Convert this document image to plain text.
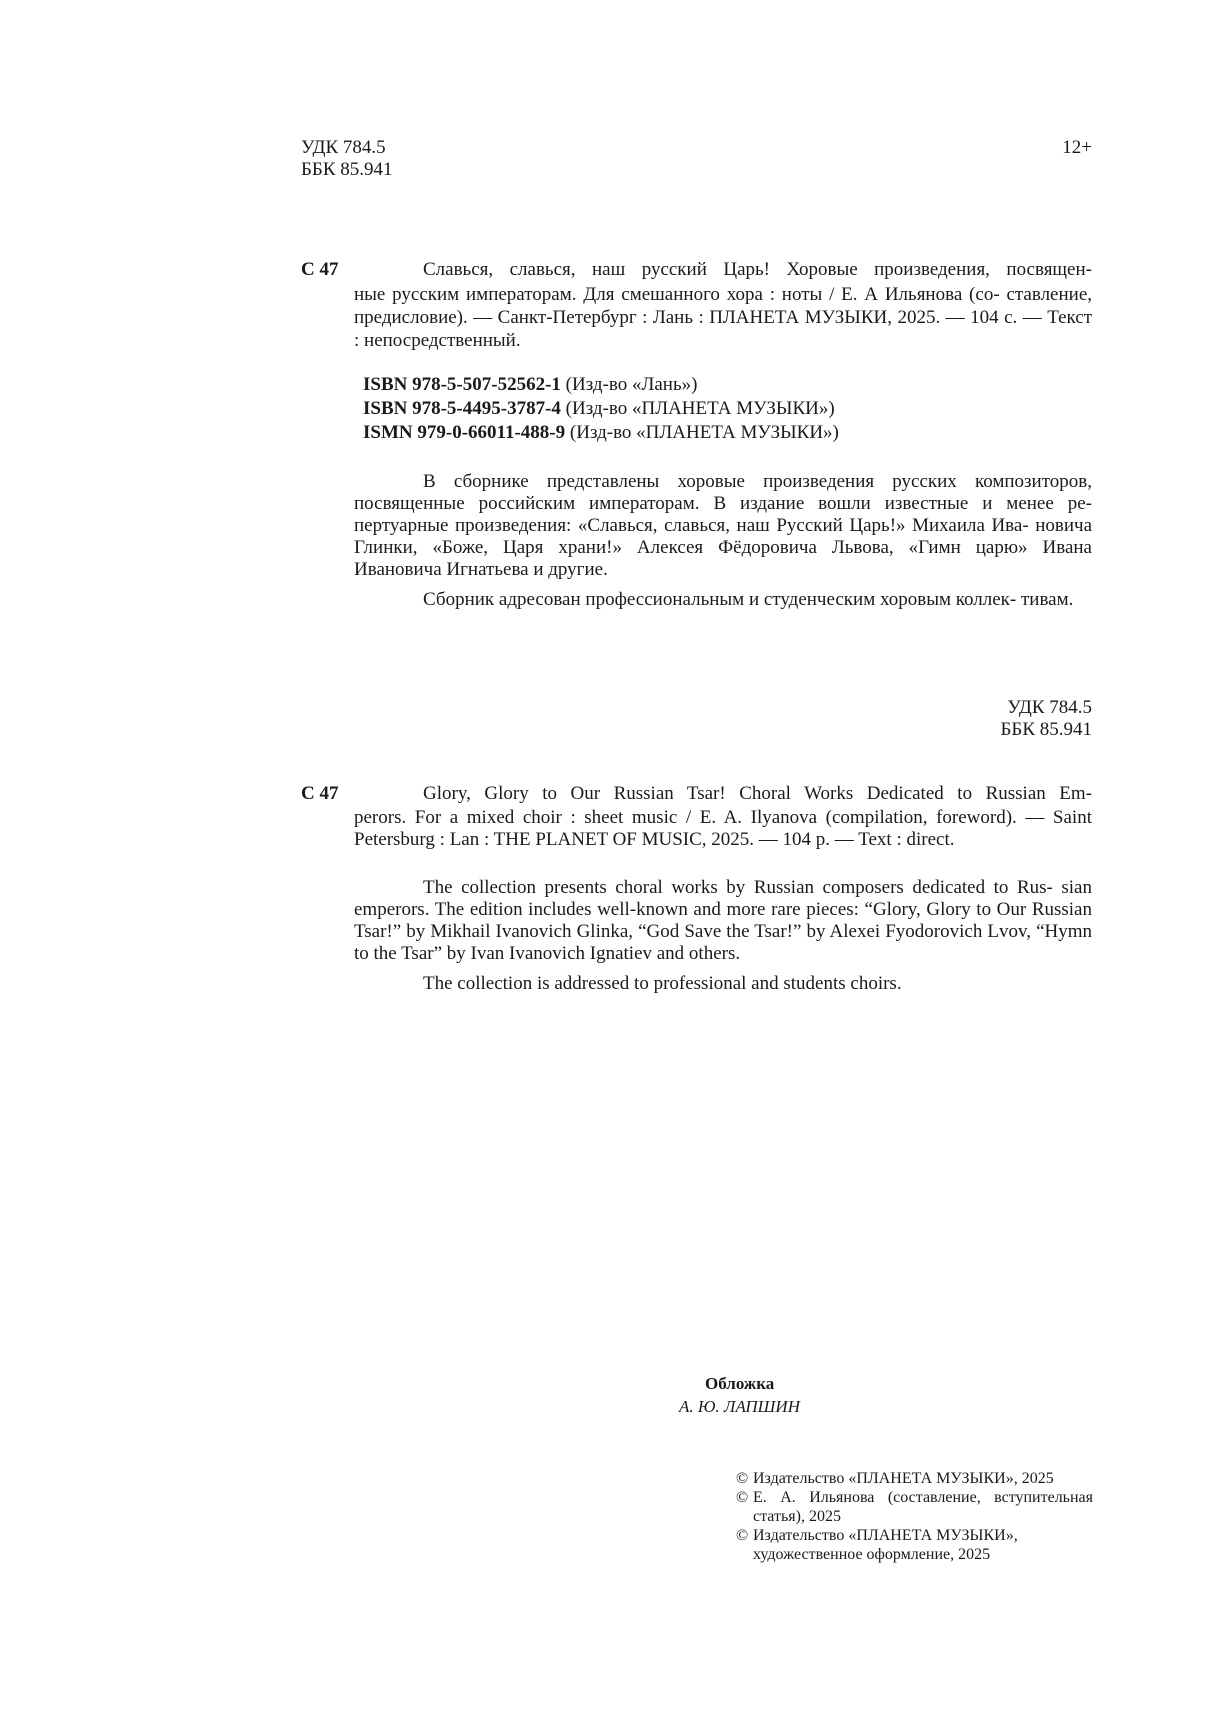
УДК 784.5
ББК 85.941
12+
С 47	Славься, славься, наш русский Царь! Хоровые произведения, посвящен-
ные русским императорам. Для смешанного хора : ноты / Е. А Ильянова (со- ставление, предисловие). — Санкт-Петербург : Лань : ПЛАНЕТА МУЗЫКИ, 2025. — 104 с. — Текст : непосредственный.
ISBN 978-5-507-52562-1 (Изд-во «Лань»)
ISBN 978-5-4495-3787-4 (Изд-во «ПЛАНЕТА МУЗЫКИ»)
ISMN 979-0-66011-488-9 (Изд-во «ПЛАНЕТА МУЗЫКИ»)
В сборнике представлены хоровые произведения русских композиторов, посвященные российским императорам. В издание вошли известные и менее ре- пертуарные произведения: «Славься, славься, наш Русский Царь!» Михаила Ива- новича Глинки, «Боже, Царя храни!» Алексея Фёдоровича Львова, «Гимн царю» Ивана Ивановича Игнатьева и другие.
Сборник адресован профессиональным и студенческим хоровым коллек- тивам.
УДК 784.5
ББК 85.941
С 47	Glory, Glory to Our Russian Tsar! Choral Works Dedicated to Russian Em-
perors. For a mixed choir : sheet music / E. A. Ilyanova (compilation, foreword). — Saint Petersburg : Lan : THE PLANET OF MUSIC, 2025. — 104 p. — Text : direct.
The collection presents choral works by Russian composers dedicated to Rus- sian emperors. The edition includes well-known and more rare pieces: “Glory, Glory to Our Russian Tsar!” by Mikhail Ivanovich Glinka, “God Save the Tsar!” by Alexei Fyodorovich Lvov, “Hymn to the Tsar” by Ivan Ivanovich Ignatiev and others.
The collection is addressed to professional and students choirs.
Обложка
А. Ю. ЛАПШИН
© Издательство «ПЛАНЕТА МУЗЫКИ», 2025
© Е. А. Ильянова (составление, вступительная статья), 2025
© Издательство «ПЛАНЕТА МУЗЫКИ», художественное оформление, 2025
